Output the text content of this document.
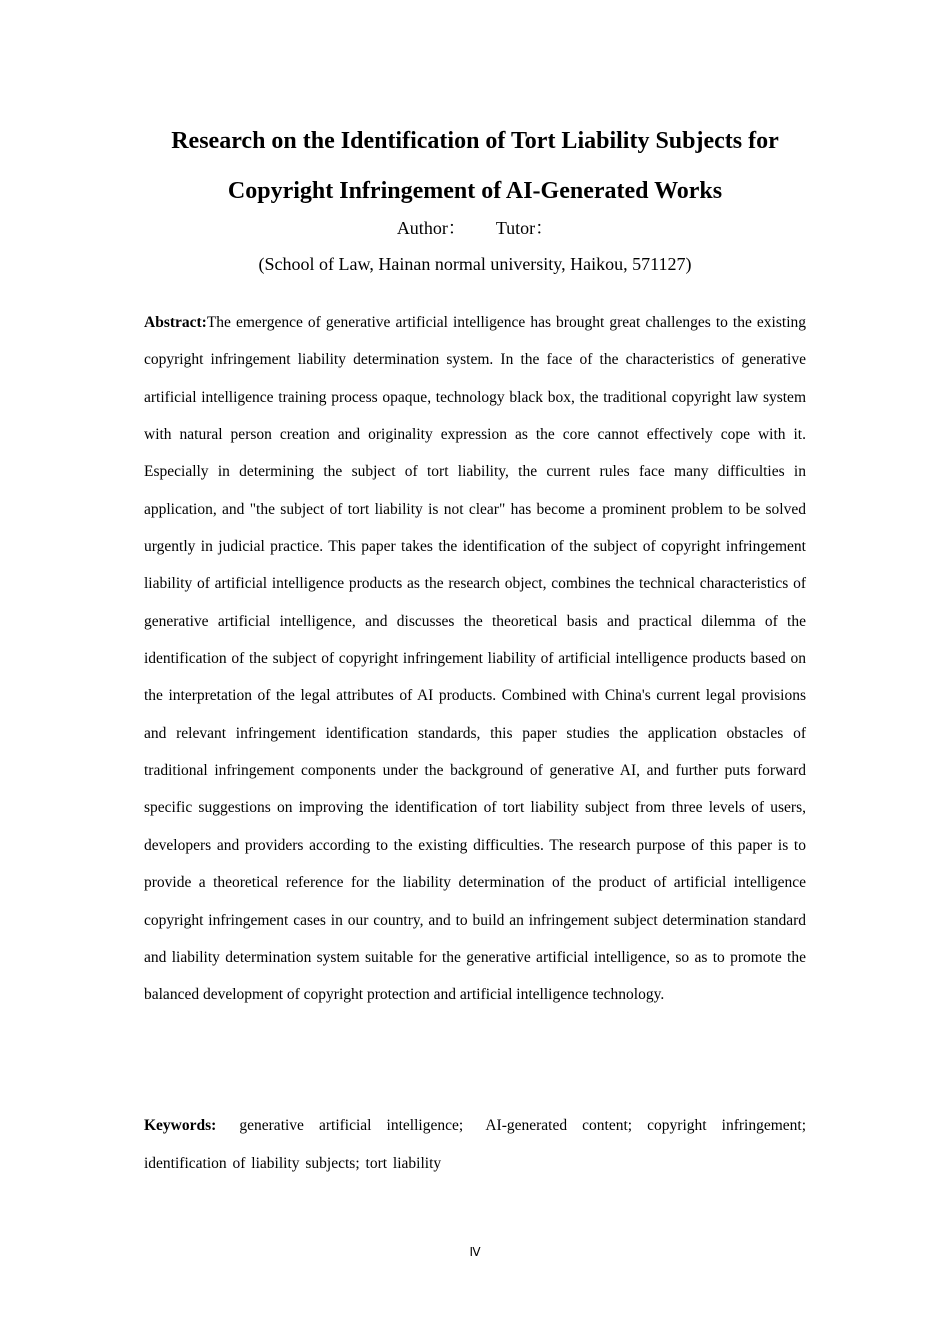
Research on the Identification of Tort Liability Subjects for
Copyright Infringement of AI-Generated Works
Author： Tutor：
(School of Law, Hainan normal university, Haikou, 571127)

Abstract:The emergence of generative artificial intelligence has brought great challenges to the existing copyright infringement liability determination system. In the face of the characteristics of generative artificial intelligence training process opaque, technology black box, the traditional copyright law system with natural person creation and originality expression as the core cannot effectively cope with it. Especially in determining the subject of tort liability, the current rules face many difficulties in application, and "the subject of tort liability is not clear" has become a prominent problem to be solved urgently in judicial practice. This paper takes the identification of the subject of copyright infringement liability of artificial intelligence products as the research object, combines the technical characteristics of generative artificial intelligence, and discusses the theoretical basis and practical dilemma of the identification of the subject of copyright infringement liability of artificial intelligence products based on the interpretation of the legal attributes of AI products. Combined with China's current legal provisions and relevant infringement identification standards, this paper studies the application obstacles of traditional infringement components under the background of generative AI, and further puts forward specific suggestions on improving the identification of tort liability subject from three levels of users, developers and providers according to the existing difficulties. The research purpose of this paper is to provide a theoretical reference for the liability determination of the product of artificial intelligence copyright infringement cases in our country, and to build an infringement subject determination standard and liability determination system suitable for the generative artificial intelligence, so as to promote the balanced development of copyright protection and artificial intelligence technology.

Keywords: generative artificial intelligence; AI-generated content; copyright infringement; identification of liability subjects; tort liability

Ⅳ
